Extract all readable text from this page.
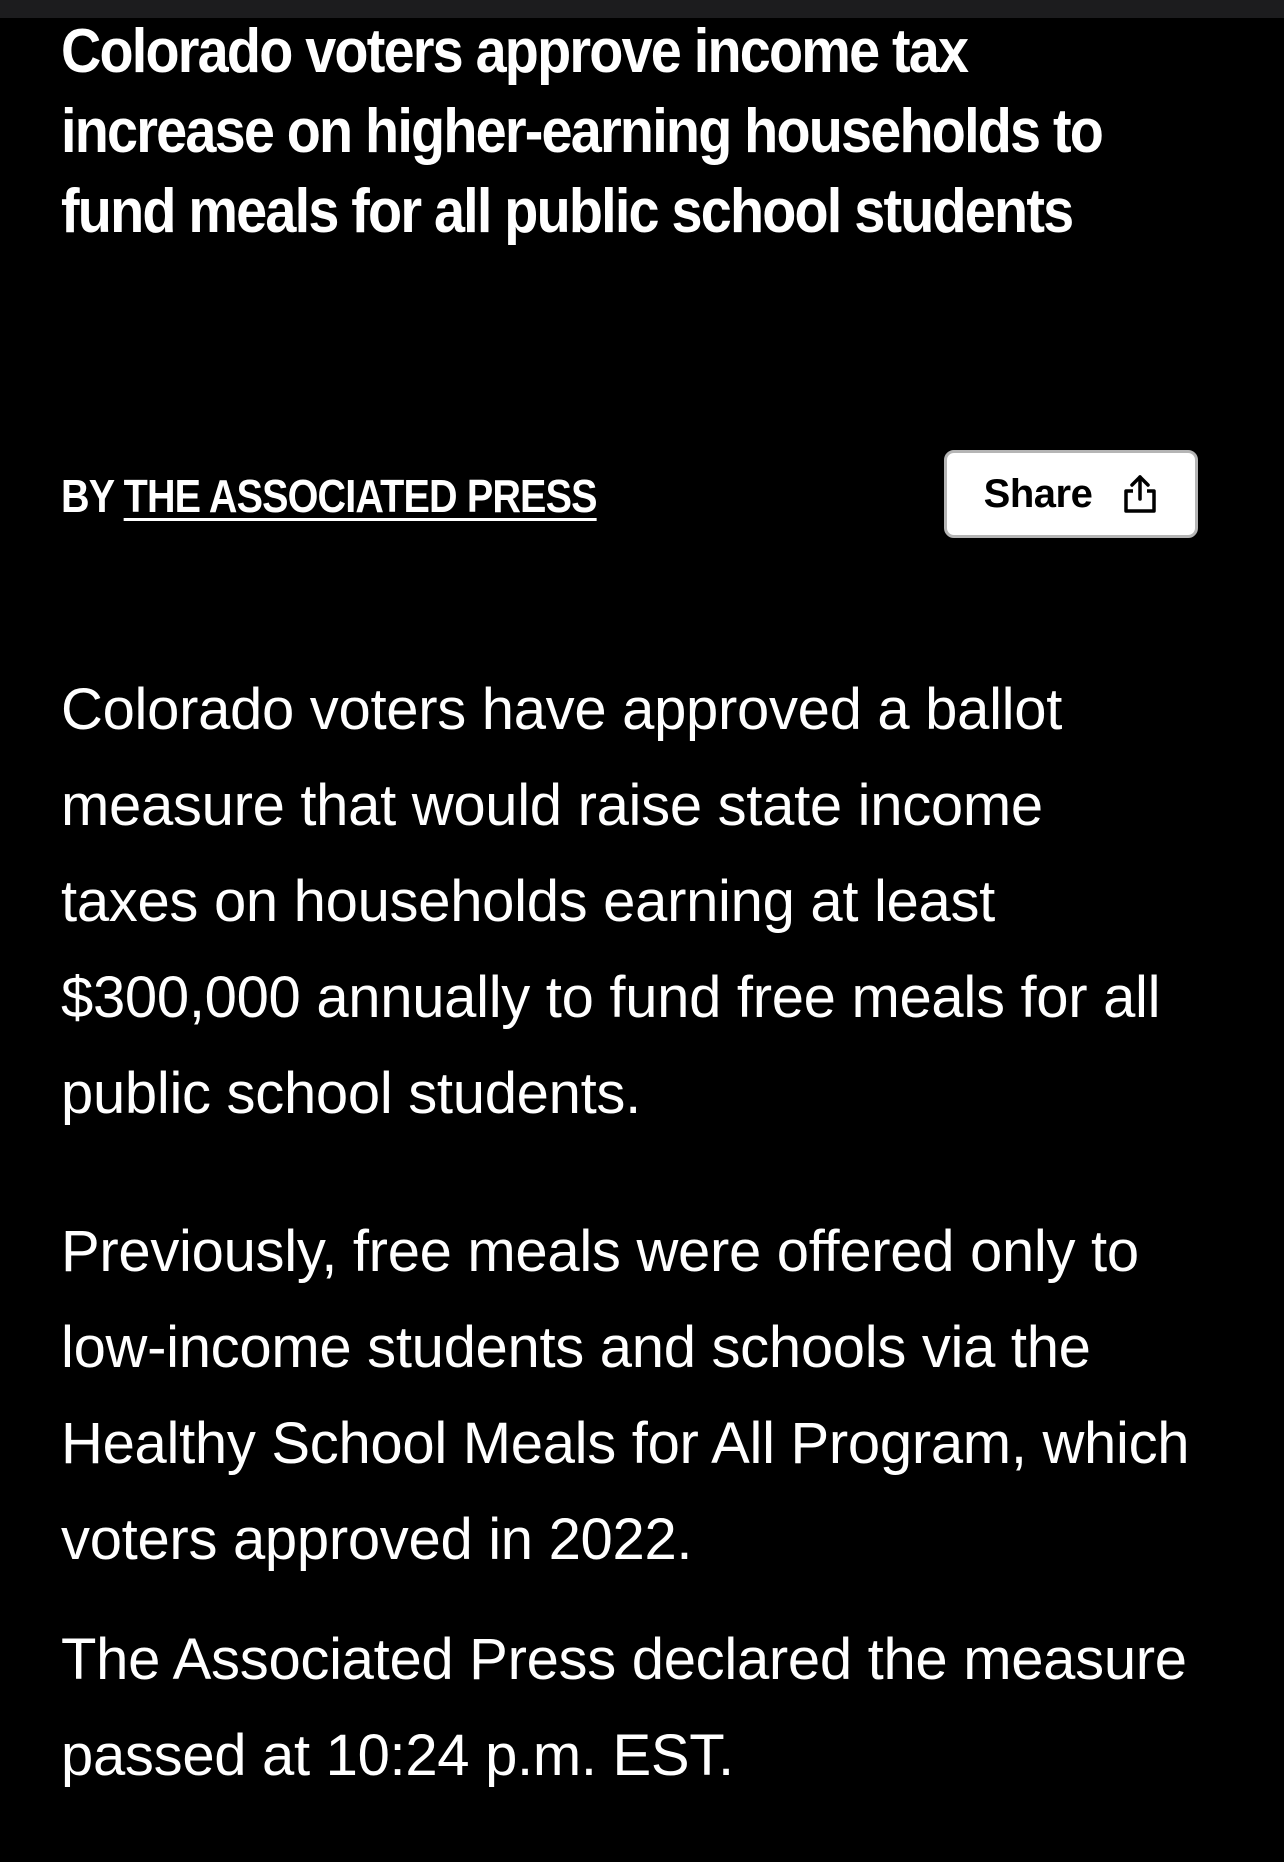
Colorado voters approve income tax increase on higher-earning households to fund meals for all public school students
BY THE ASSOCIATED PRESS	Share

Colorado voters have approved a ballot measure that would raise state income taxes on households earning at least $300,000 annually to fund free meals for all public school students.

Previously, free meals were offered only to low-income students and schools via the Healthy School Meals for All Program, which voters approved in 2022.

The Associated Press declared the measure passed at 10:24 p.m. EST.
